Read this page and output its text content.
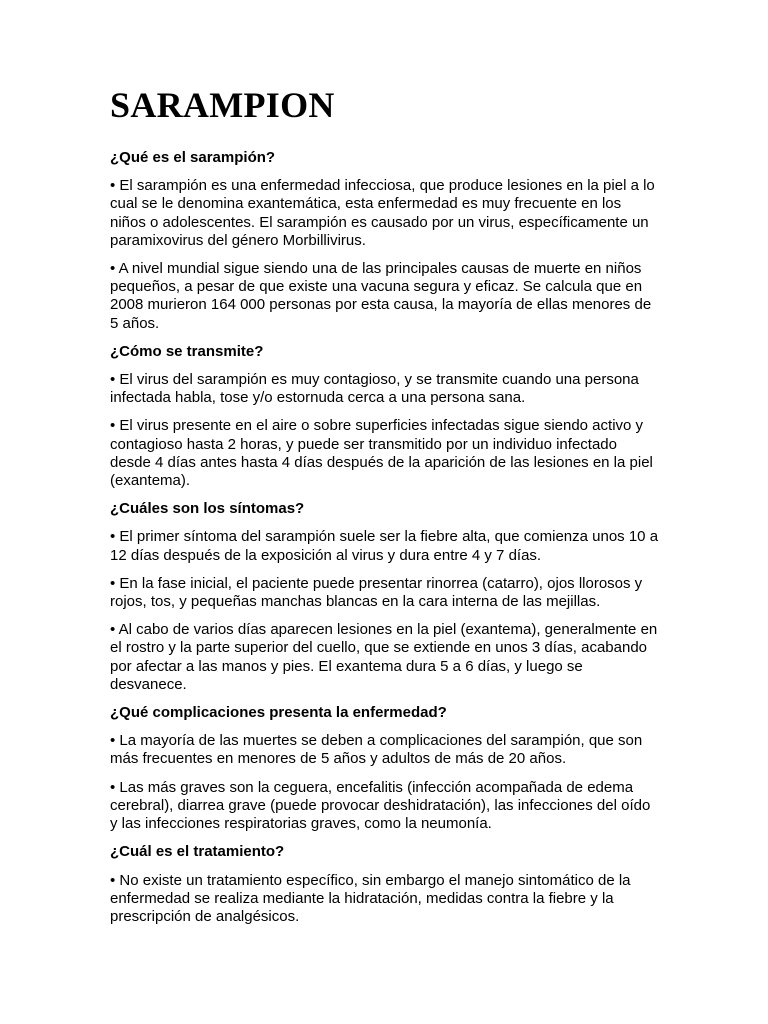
SARAMPION

¿Qué es el sarampión?

• El sarampión es una enfermedad infecciosa, que produce lesiones en la piel a lo cual se le denomina exantemática, esta enfermedad es muy frecuente en los niños o adolescentes. El sarampión es causado por un virus, específicamente un paramixovirus del género Morbillivirus.

• A nivel mundial sigue siendo una de las principales causas de muerte en niños pequeños, a pesar de que existe una vacuna segura y eficaz. Se calcula que en 2008 murieron 164 000 personas por esta causa, la mayoría de ellas menores de 5 años.

¿Cómo se transmite?

• El virus del sarampión es muy contagioso, y se transmite cuando una persona infectada habla, tose y/o estornuda cerca a una persona sana.

• El virus presente en el aire o sobre superficies infectadas sigue siendo activo y contagioso hasta 2 horas, y puede ser transmitido por un individuo infectado desde 4 días antes hasta 4 días después de la aparición de las lesiones en la piel (exantema).

¿Cuáles son los síntomas?

• El primer síntoma del sarampión suele ser la fiebre alta, que comienza unos 10 a 12 días después de la exposición al virus y dura entre 4 y 7 días.

• En la fase inicial, el paciente puede presentar rinorrea (catarro), ojos llorosos y rojos, tos, y pequeñas manchas blancas en la cara interna de las mejillas.

• Al cabo de varios días aparecen lesiones en la piel (exantema), generalmente en el rostro y la parte superior del cuello, que se extiende en unos 3 días, acabando por afectar a las manos y pies. El exantema dura 5 a 6 días, y luego se desvanece.

¿Qué complicaciones presenta la enfermedad?

• La mayoría de las muertes se deben a complicaciones del sarampión, que son más frecuentes en menores de 5 años y adultos de más de 20 años.

• Las más graves son la ceguera, encefalitis (infección acompañada de edema cerebral), diarrea grave (puede provocar deshidratación), las infecciones del oído y las infecciones respiratorias graves, como la neumonía.

¿Cuál es el tratamiento?

• No existe un tratamiento específico, sin embargo el manejo sintomático de la enfermedad se realiza mediante la hidratación, medidas contra la fiebre y la prescripción de analgésicos.
